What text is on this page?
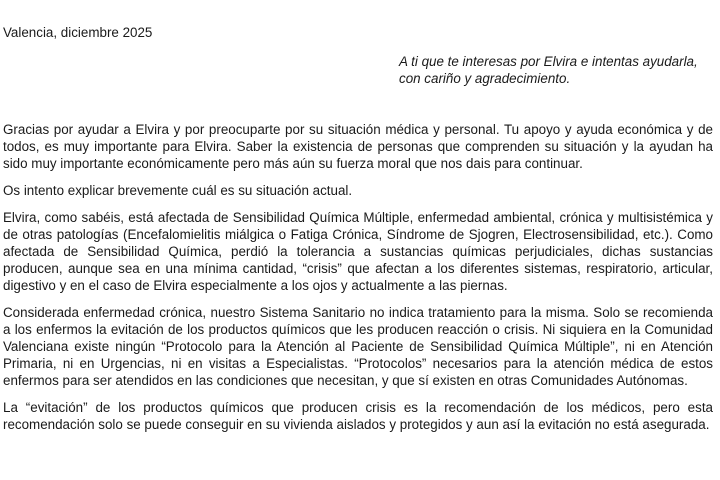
Valencia, diciembre 2025

A ti que te interesas por Elvira e intentas ayudarla,
con cariño y agradecimiento.

Gracias por ayudar a Elvira y por preocuparte por su situación médica y personal. Tu apoyo y ayuda económica y de todos, es muy importante para Elvira. Saber la existencia de personas que comprenden su situación y la ayudan ha sido muy importante económicamente pero más aún su fuerza moral que nos dais para continuar.

Os intento explicar brevemente cuál es su situación actual.

Elvira, como sabéis, está afectada de Sensibilidad Química Múltiple, enfermedad ambiental, crónica y multisistémica y de otras patologías (Encefalomielitis miálgica o Fatiga Crónica, Síndrome de Sjogren, Electrosensibilidad, etc.). Como afectada de Sensibilidad Química, perdió la tolerancia a sustancias químicas perjudiciales, dichas sustancias producen, aunque sea en una mínima cantidad, “crisis” que afectan a los diferentes sistemas, respiratorio, articular, digestivo y en el caso de Elvira especialmente a los ojos y actualmente a las piernas.

Considerada enfermedad crónica, nuestro Sistema Sanitario no indica tratamiento para la misma. Solo se recomienda a los enfermos la evitación de los productos químicos que les producen reacción o crisis. Ni siquiera en la Comunidad Valenciana existe ningún “Protocolo para la Atención al Paciente de Sensibilidad Química Múltiple”, ni en Atención Primaria, ni en Urgencias, ni en visitas a Especialistas. “Protocolos” necesarios para la atención médica de estos enfermos para ser atendidos en las condiciones que necesitan, y que sí existen en otras Comunidades Autónomas.

La “evitación” de los productos químicos que producen crisis es la recomendación de los médicos, pero esta recomendación solo se puede conseguir en su vivienda aislados y protegidos y aun así la evitación no está asegurada.
